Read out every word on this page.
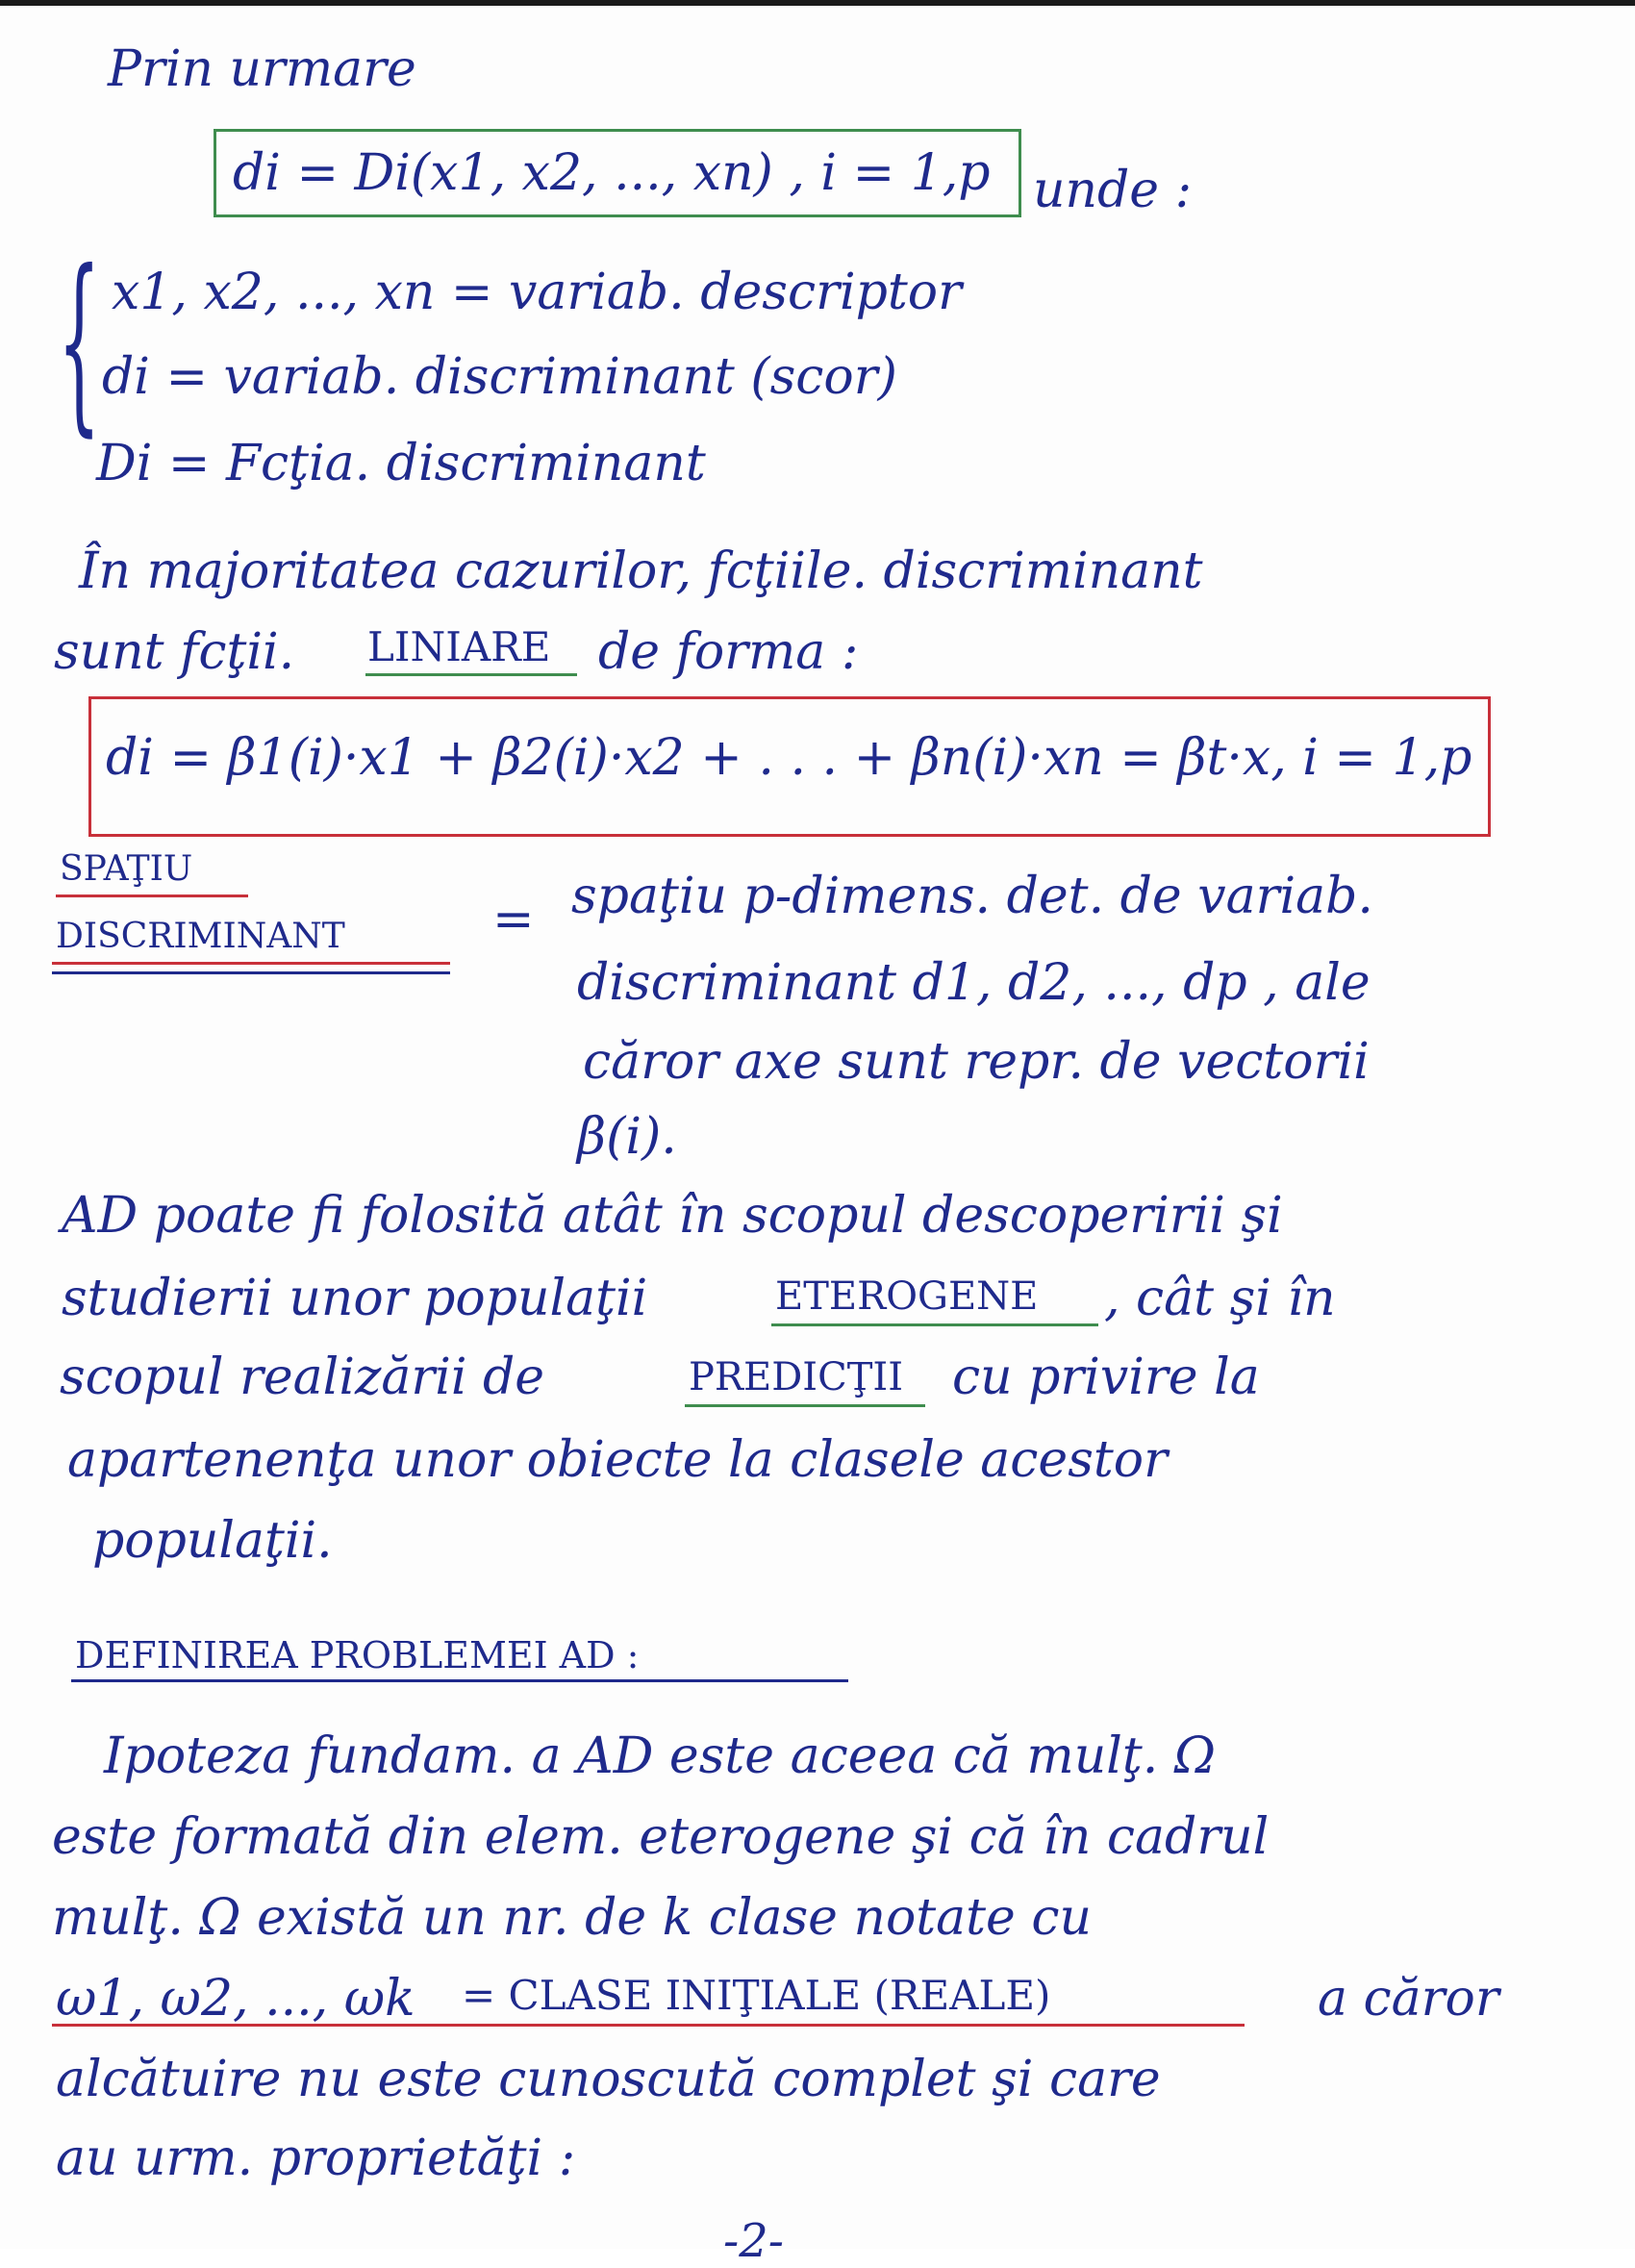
Prin urmare
di = Di(x1, x2, ..., xn) , i = 1,p unde :
{ x1, x2, ..., xn = variab. descriptor
di = variab. discriminant (scor)
Di = Fcţia. discriminant
În majoritatea cazurilor, fcţiile. discriminant
sunt fcţii. LINIARE de forma :
di = β1(i)·x1 + β2(i)·x2 + . . . + βn(i)·xn = βt·x, i = 1,p
SPAŢIU
DISCRIMINANT	= spaţiu p-dimens. det. de variab.
discriminant d1, d2, ..., dp , ale
căror axe sunt repr. de vectorii
β(i).
AD poate fi folosită atât în scopul descoperirii şi
studierii unor populaţii	ETEROGENE , cât şi în
scopul realizării de	PREDICŢII cu privire la
apartenenţa unor obiecte la clasele acestor
populaţii.
DEFINIREA PROBLEMEI AD :
Ipoteza fundam. a AD este aceea că mulţ. Ω
este formată din elem. eterogene şi că în cadrul
mulţ. Ω există un nr. de k clase notate cu
ω1, ω2, ..., ωk = CLASE INIŢIALE (REALE)	a căror
alcătuire nu este cunoscută complet şi care
au urm. proprietăţi :
-2-
